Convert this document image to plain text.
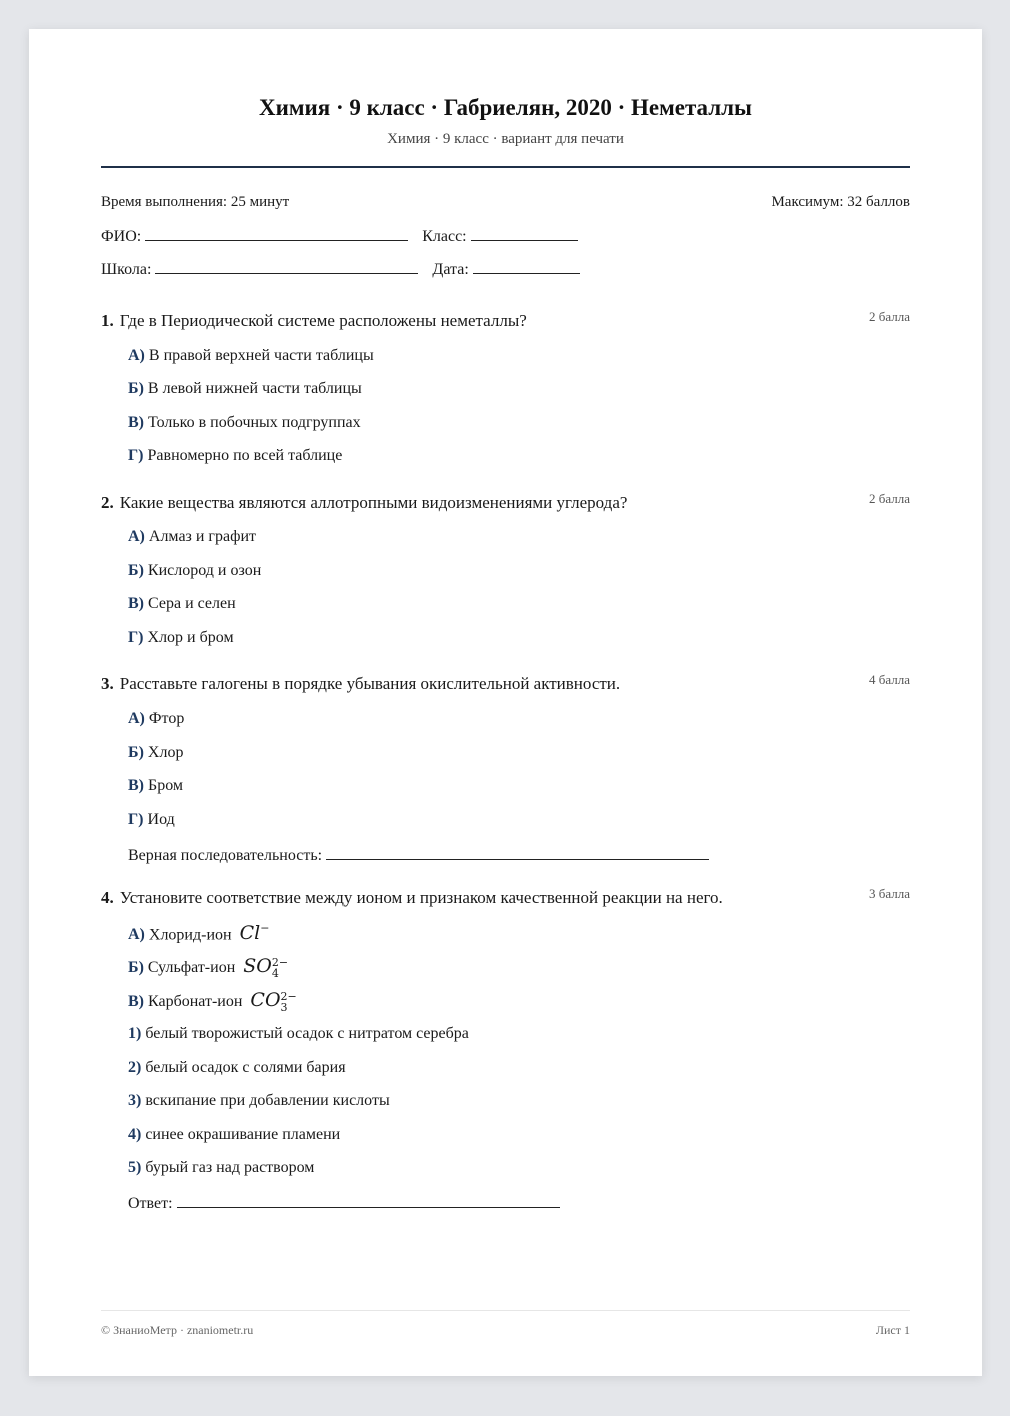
Химия · 9 класс · Габриелян, 2020 · Неметаллы
Химия · 9 класс · вариант для печати
Время выполнения: 25 минут	Максимум: 32 баллов
ФИО:	Класс:
Школа:	Дата:
1. Где в Периодической системе расположены неметаллы?	2 балла
А) В правой верхней части таблицы
Б) В левой нижней части таблицы
В) Только в побочных подгруппах
Г) Равномерно по всей таблице
2. Какие вещества являются аллотропными видоизменениями углерода?	2 балла
А) Алмаз и графит
Б) Кислород и озон
В) Сера и селен
Г) Хлор и бром
3. Расставьте галогены в порядке убывания окислительной активности.	4 балла
А) Фтор
Б) Хлор
В) Бром
Г) Иод
Верная последовательность:
4. Установите соответствие между ионом и признаком качественной реакции на него.	3 балла
А) Хлорид-ион Cl−
Б) Сульфат-ион SO 2−
4
В) Карбонат-ион CO 2−
3
1) белый творожистый осадок с нитратом серебра
2) белый осадок с солями бария
3) вскипание при добавлении кислоты
4) синее окрашивание пламени
5) бурый газ над раствором
Ответ:
© ЗнаниоМетр · znaniometr.ru	Лист 1
